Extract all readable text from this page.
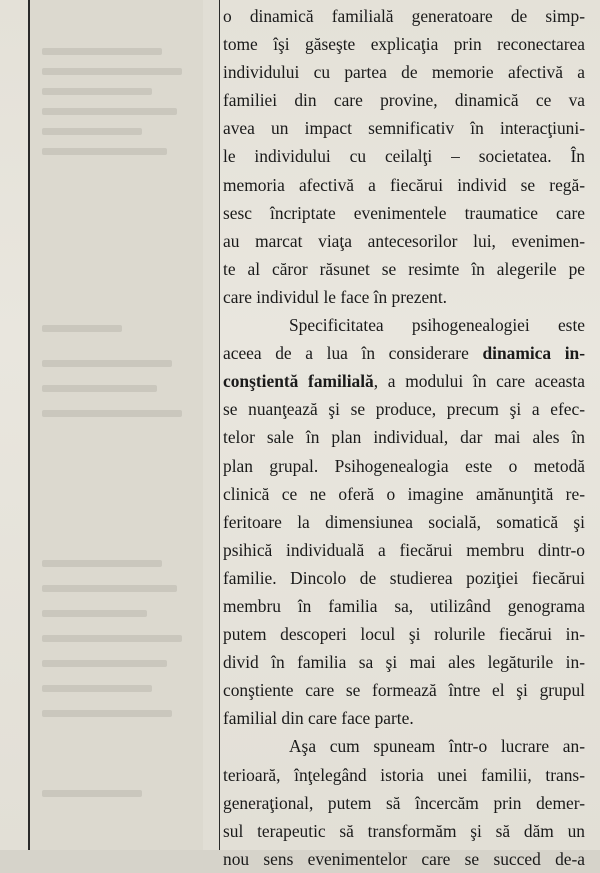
o dinamică familială generatoare de simp-
tome îşi găseşte explicaţia prin reconectarea
individului cu partea de memorie afectivă a
familiei din care provine, dinamică ce va
avea un impact semnificativ în interacţiuni-
le individului cu ceilalţi – societatea. În
memoria afectivă a fiecărui individ se regă-
sesc încriptate evenimentele traumatice care
au marcat viaţa antecesorilor lui, evenimen-
te al căror răsunet se resimte în alegerile pe
care individul le face în prezent.
Specificitatea psihogenealogiei este
aceea de a lua în considerare dinamica in-
conştientă familială, a modului în care aceasta
se nuanţează şi se produce, precum şi a efec-
telor sale în plan individual, dar mai ales în
plan grupal. Psihogenealogia este o metodă
clinică ce ne oferă o imagine amănunţită re-
feritoare la dimensiunea socială, somatică şi
psihică individuală a fiecărui membru dintr-o
familie. Dincolo de studierea poziţiei fiecărui
membru în familia sa, utilizând genograma
putem descoperi locul şi rolurile fiecărui in-
divid în familia sa şi mai ales legăturile in-
conştiente care se formează între el şi grupul
familial din care face parte.
Aşa cum spuneam într-o lucrare an-
terioară, înţelegând istoria unei familii, trans-
generaţional, putem să încercăm prin demer-
sul terapeutic să transformăm şi să dăm un
nou sens evenimentelor care se succed de-a
